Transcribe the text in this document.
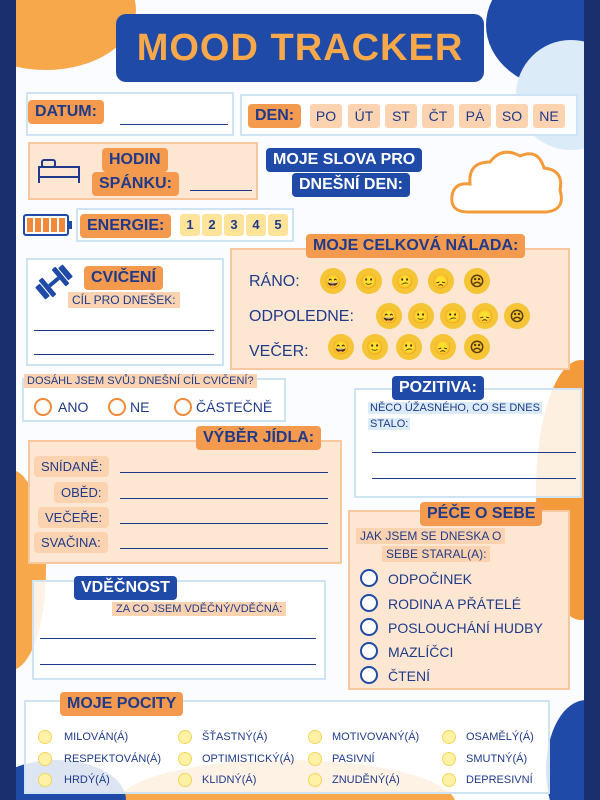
MOOD TRACKER
DATUM:	DEN:	PO	ÚT	ST	ČT	PÁ	SO	NE
HODIN
SPÁNKU:
MOJE SLOVA PRO
DNEŠNÍ DEN:
ENERGIE:	1	2	3	4	5
MOJE CELKOVÁ NÁLADA:
RÁNO:	😄	🙂	😕	😞	☹
ODPOLEDNE:	😄	🙂	😕	😞	☹
VEČER:	😄	🙂	😕	😞	☹
CVIČENÍ
CÍL PRO DNEŠEK:
DOSÁHL JSEM SVŮJ DNEŠNÍ CÍL CVIČENÍ?
ANO	NE	ČÁSTEČNĚ
POZITIVA:
NĚCO ÚŽASNÉHO, CO SE DNES
STALO:
VÝBĚR JÍDLA:
SNÍDANĚ:
OBĚD:
VEČEŘE:
SVAČINA:
PÉČE O SEBE
JAK JSEM SE DNESKA O
SEBE STARAL(A):
ODPOČINEK
RODINA A PŘÁTELÉ
POSLOUCHÁNÍ HUDBY
MAZLÍČCI
ČTENÍ
VDĚČNOST
ZA CO JSEM VDĚČNÝ/VDĚČNÁ:
MOJE POCITY
MILOVÁN(Á)	ŠŤASTNÝ(Á)	MOTIVOVANÝ(Á)	OSAMĚLÝ(Á)
RESPEKTOVÁN(Á)	OPTIMISTICKÝ(Á)	PASIVNÍ	SMUTNÝ(Á)
HRDÝ(Á)	KLIDNÝ(Á)	ZNUDĚNÝ(Á)	DEPRESIVNÍ
